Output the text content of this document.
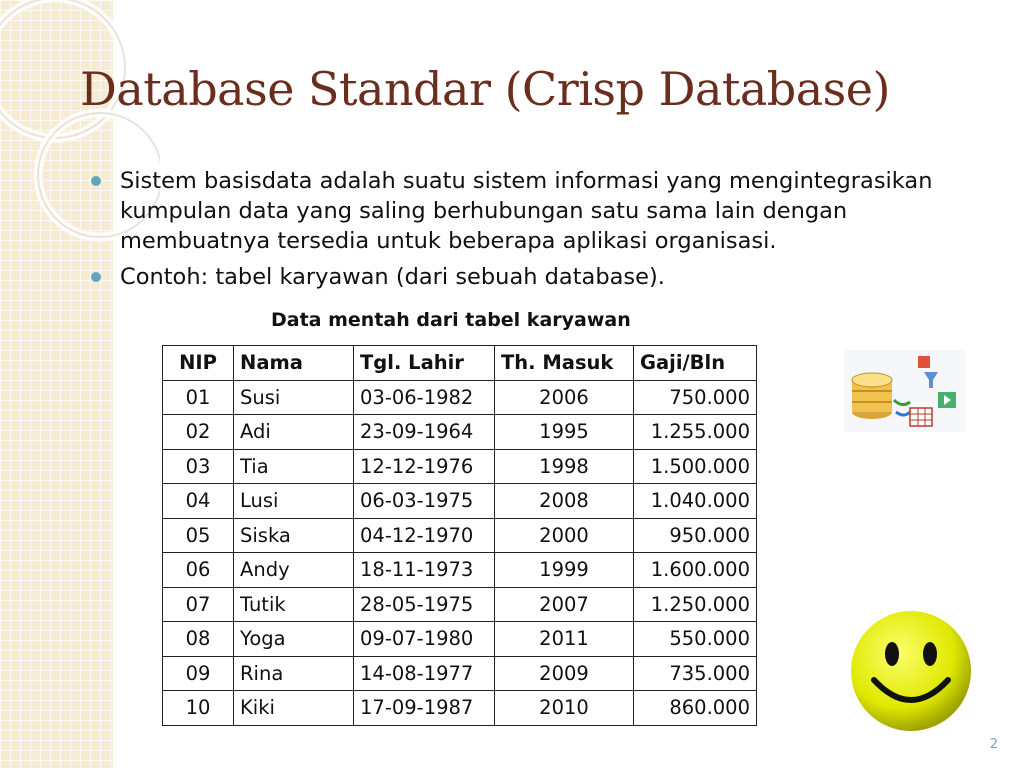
Database Standar (Crisp Database)
Sistem basisdata adalah suatu sistem informasi yang mengintegrasikan kumpulan data yang saling berhubungan satu sama lain dengan membuatnya tersedia untuk beberapa aplikasi organisasi.
Contoh: tabel karyawan (dari sebuah database).
Data mentah dari tabel karyawan
NIP	Nama	Tgl. Lahir	Th. Masuk	Gaji/Bln
01	Susi	03-06-1982	2006	750.000
02	Adi	23-09-1964	1995	1.255.000
03	Tia	12-12-1976	1998	1.500.000
04	Lusi	06-03-1975	2008	1.040.000
05	Siska	04-12-1970	2000	950.000
06	Andy	18-11-1973	1999	1.600.000
07	Tutik	28-05-1975	2007	1.250.000
08	Yoga	09-07-1980	2011	550.000
09	Rina	14-08-1977	2009	735.000
10	Kiki	17-09-1987	2010	860.000
2
